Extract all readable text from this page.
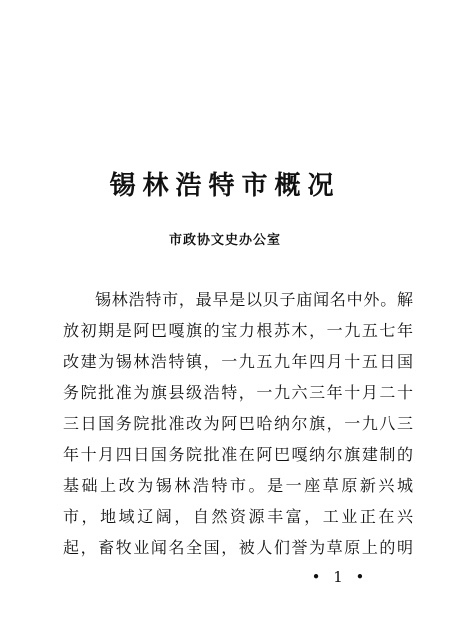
锡林浩特市概况
市政协文史办公室
锡林浩特市，最早是以贝子庙闻名中外。解
放初期是阿巴嘎旗的宝力根苏木，一九五七年
改建为锡林浩特镇，一九五九年四月十五日国
务院批准为旗县级浩特，一九六三年十月二十
三日国务院批准改为阿巴哈纳尔旗，一九八三
年十月四日国务院批准在阿巴嘎纳尔旗建制的
基础上改为锡林浩特市。是一座草原新兴城
市，地域辽阔，自然资源丰富，工业正在兴
起，畜牧业闻名全国，被人们誉为草原上的明
• 1 •
